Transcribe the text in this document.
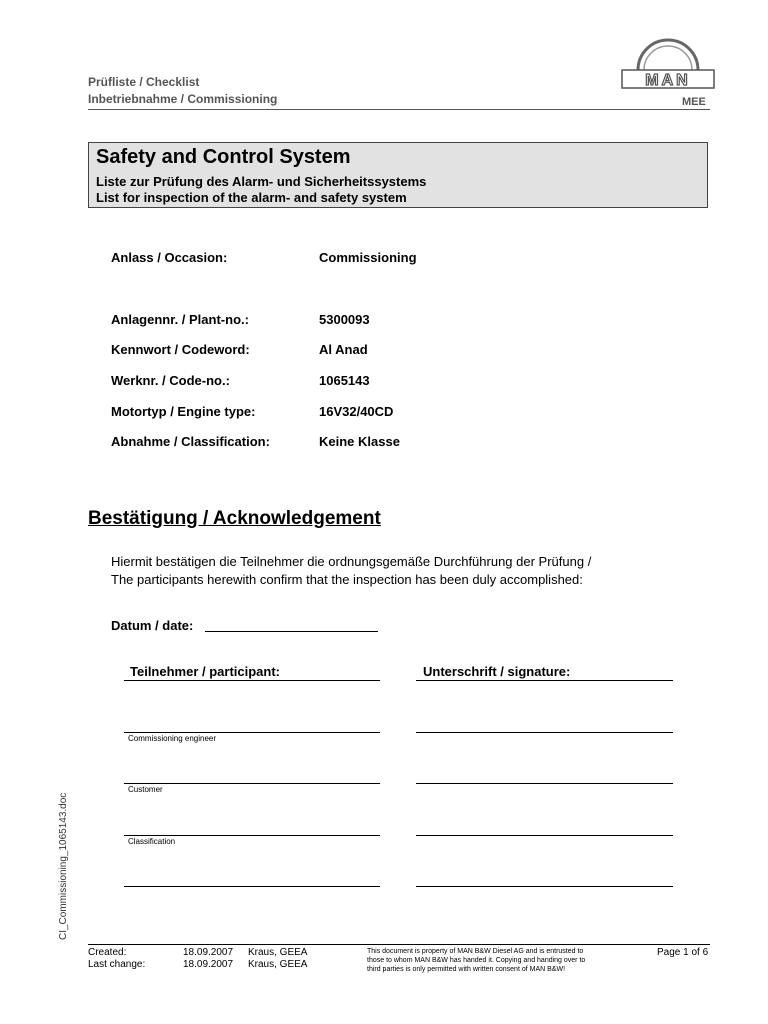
Prüfliste / Checklist
Inbetriebnahme / Commissioning	MEE
MAN
Safety and Control System
Liste zur Prüfung des Alarm- und Sicherheitssystems
List for inspection of the alarm- and safety system
Anlass / Occasion:	Commissioning
Anlagennr. / Plant-no.:	5300093
Kennwort / Codeword:	Al Anad
Werknr. / Code-no.:	1065143
Motortyp / Engine type:	16V32/40CD
Abnahme / Classification:	Keine Klasse
Bestätigung / Acknowledgement
Hiermit bestätigen die Teilnehmer die ordnungsgemäße Durchführung der Prüfung /
The participants herewith confirm that the inspection has been duly accomplished:
Datum / date:
Teilnehmer / participant:	Unterschrift / signature:
Commissioning engineer
Customer
Classification
CI_Commissioning_1065143.doc
Created:	18.09.2007 Kraus, GEEA
Last change:	18.09.2007 Kraus, GEEA
This document is property of MAN B&W Diesel AG and is entrusted to
those to whom MAN B&W has handed it. Copying and handing over to
third parties is only permitted with written consent of MAN B&W!
Page 1 of 6
